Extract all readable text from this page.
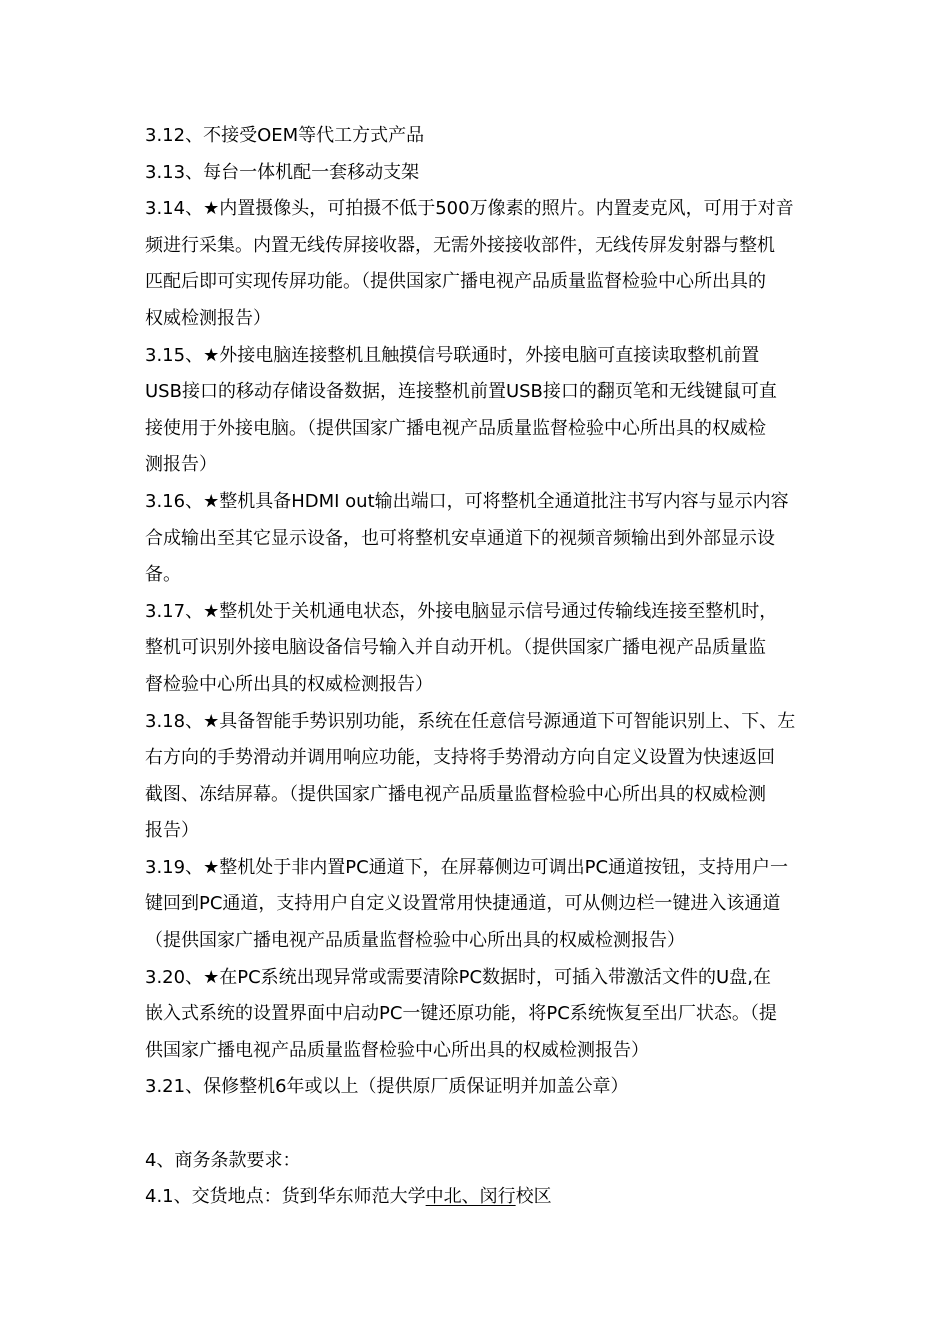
3.12、不接受OEM等代工方式产品
3.13、每台一体机配一套移动支架
3.14、★内置摄像头，可拍摄不低于500万像素的照片。内置麦克风，可用于对音
频进行采集。内置无线传屏接收器，无需外接接收部件，无线传屏发射器与整机
匹配后即可实现传屏功能。（提供国家广播电视产品质量监督检验中心所出具的
权威检测报告）
3.15、★外接电脑连接整机且触摸信号联通时，外接电脑可直接读取整机前置
USB接口的移动存储设备数据，连接整机前置USB接口的翻页笔和无线键鼠可直
接使用于外接电脑。（提供国家广播电视产品质量监督检验中心所出具的权威检
测报告）
3.16、★整机具备HDMI out输出端口，可将整机全通道批注书写内容与显示内容
合成输出至其它显示设备，也可将整机安卓通道下的视频音频输出到外部显示设
备。
3.17、★整机处于关机通电状态，外接电脑显示信号通过传输线连接至整机时，
整机可识别外接电脑设备信号输入并自动开机。（提供国家广播电视产品质量监
督检验中心所出具的权威检测报告）
3.18、★具备智能手势识别功能，系统在任意信号源通道下可智能识别上、下、左
右方向的手势滑动并调用响应功能，支持将手势滑动方向自定义设置为快速返回
截图、冻结屏幕。（提供国家广播电视产品质量监督检验中心所出具的权威检测
报告）
3.19、★整机处于非内置PC通道下，在屏幕侧边可调出PC通道按钮，支持用户一
键回到PC通道，支持用户自定义设置常用快捷通道，可从侧边栏一键进入该通道
（提供国家广播电视产品质量监督检验中心所出具的权威检测报告）
3.20、★在PC系统出现异常或需要清除PC数据时，可插入带激活文件的U盘,在
嵌入式系统的设置界面中启动PC一键还原功能，将PC系统恢复至出厂状态。（提
供国家广播电视产品质量监督检验中心所出具的权威检测报告）
3.21、保修整机6年或以上（提供原厂质保证明并加盖公章）
4、商务条款要求：
4.1、交货地点：货到华东师范大学中北、闵行校区
